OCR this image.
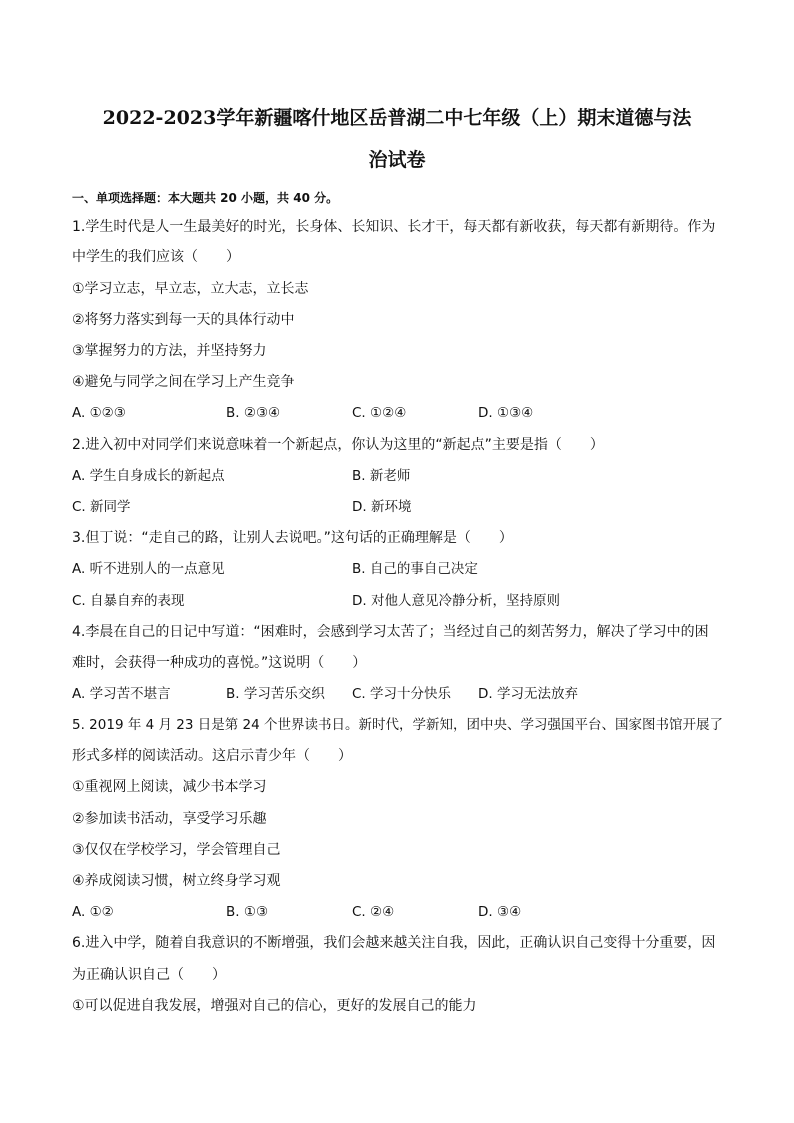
2022-2023学年新疆喀什地区岳普湖二中七年级（上）期末道德与法
治试卷
一、单项选择题：本大题共 20 小题，共 40 分。
1.学生时代是人一生最美好的时光，长身体、长知识、长才干，每天都有新收获，每天都有新期待。作为
中学生的我们应该（　　）
①学习立志，早立志，立大志，立长志
②将努力落实到每一天的具体行动中
③掌握努力的方法，并坚持努力
④避免与同学之间在学习上产生竞争
A. ①②③	B. ②③④	C. ①②④	D. ①③④
2.进入初中对同学们来说意味着一个新起点，你认为这里的“新起点”主要是指（　　）
A. 学生自身成长的新起点	B. 新老师
C. 新同学	D. 新环境
3.但丁说：“走自己的路，让别人去说吧。”这句话的正确理解是（　　）
A. 听不进别人的一点意见	B. 自己的事自己决定
C. 自暴自弃的表现	D. 对他人意见冷静分析，坚持原则
4.李晨在自己的日记中写道：“困难时，会感到学习太苦了；当经过自己的刻苦努力，解决了学习中的困
难时，会获得一种成功的喜悦。”这说明（　　）
A. 学习苦不堪言	B. 学习苦乐交织 C. 学习十分快乐 D. 学习无法放弃
5. 2019 年 4 月 23 日是第 24 个世界读书日。新时代，学新知，团中央、学习强国平台、国家图书馆开展了
形式多样的阅读活动。这启示青少年（　　）
①重视网上阅读，减少书本学习
②参加读书活动，享受学习乐趣
③仅仅在学校学习，学会管理自己
④养成阅读习惯，树立终身学习观
A. ①②	B. ①③	C. ②④	D. ③④
6.进入中学，随着自我意识的不断增强，我们会越来越关注自我，因此，正确认识自己变得十分重要，因
为正确认识自己（　　）
①可以促进自我发展，增强对自己的信心，更好的发展自己的能力
